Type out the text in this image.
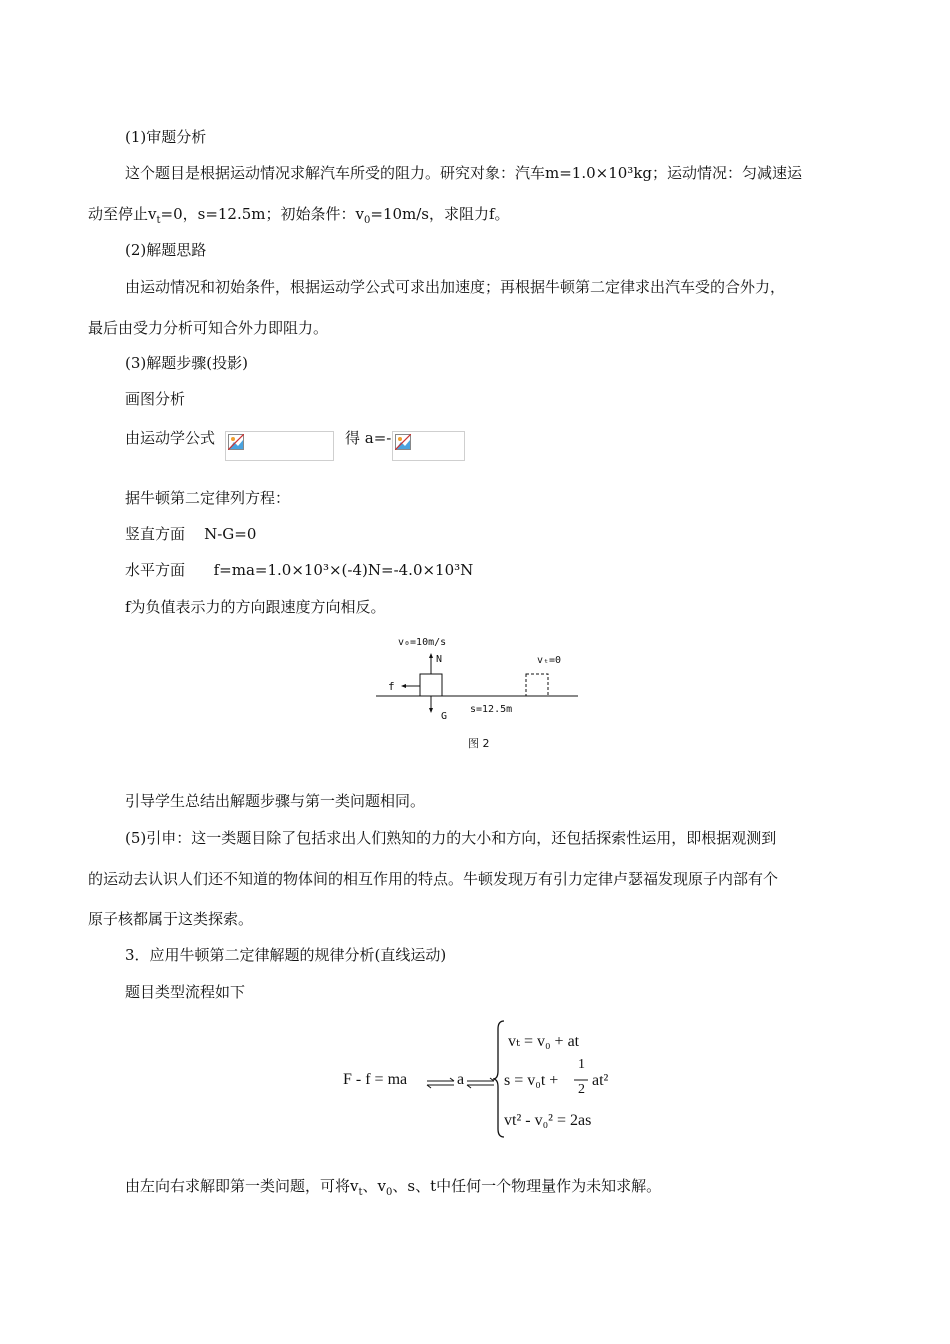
(1)审题分析
这个题目是根据运动情况求解汽车所受的阻力。研究对象：汽车m=1.0×10³kg；运动情况：匀减速运
动至停止$v_t=0$，s=12.5m；初始条件：$v_0=10m/s$，求阻力f。
(2)解题思路
由运动情况和初始条件，根据运动学公式可求出加速度；再根据牛顿第二定律求出汽车受的合外力，
最后由受力分析可知合外力即阻力。
(3)解题步骤(投影)
画图分析
由运动学公式	得 a=-
据牛顿第二定律列方程：
竖直方面    N-G=0
水平方面      f=ma=1.0×10³×(-4)N=-4.0×10³N
f为负值表示力的方向跟速度方向相反。
v₀=10m/s
N	vₜ=0
f
G
s=12.5m
图 2
引导学生总结出解题步骤与第一类问题相同。
(5)引申：这一类题目除了包括求出人们熟知的力的大小和方向，还包括探索性运用，即根据观测到
的运动去认识人们还不知道的物体间的相互作用的特点。牛顿发现万有引力定律卢瑟福发现原子内部有个
原子核都属于这类探索。
3．应用牛顿第二定律解题的规律分析(直线运动)
题目类型流程如下
F - f = ma	a
vₜ = v₀ + at
s = v₀t +
1
2
at²
vt² - v₀² = 2as
由左向右求解即第一类问题，可将$v_t$、$v_0$、s、t中任何一个物理量作为未知求解。
